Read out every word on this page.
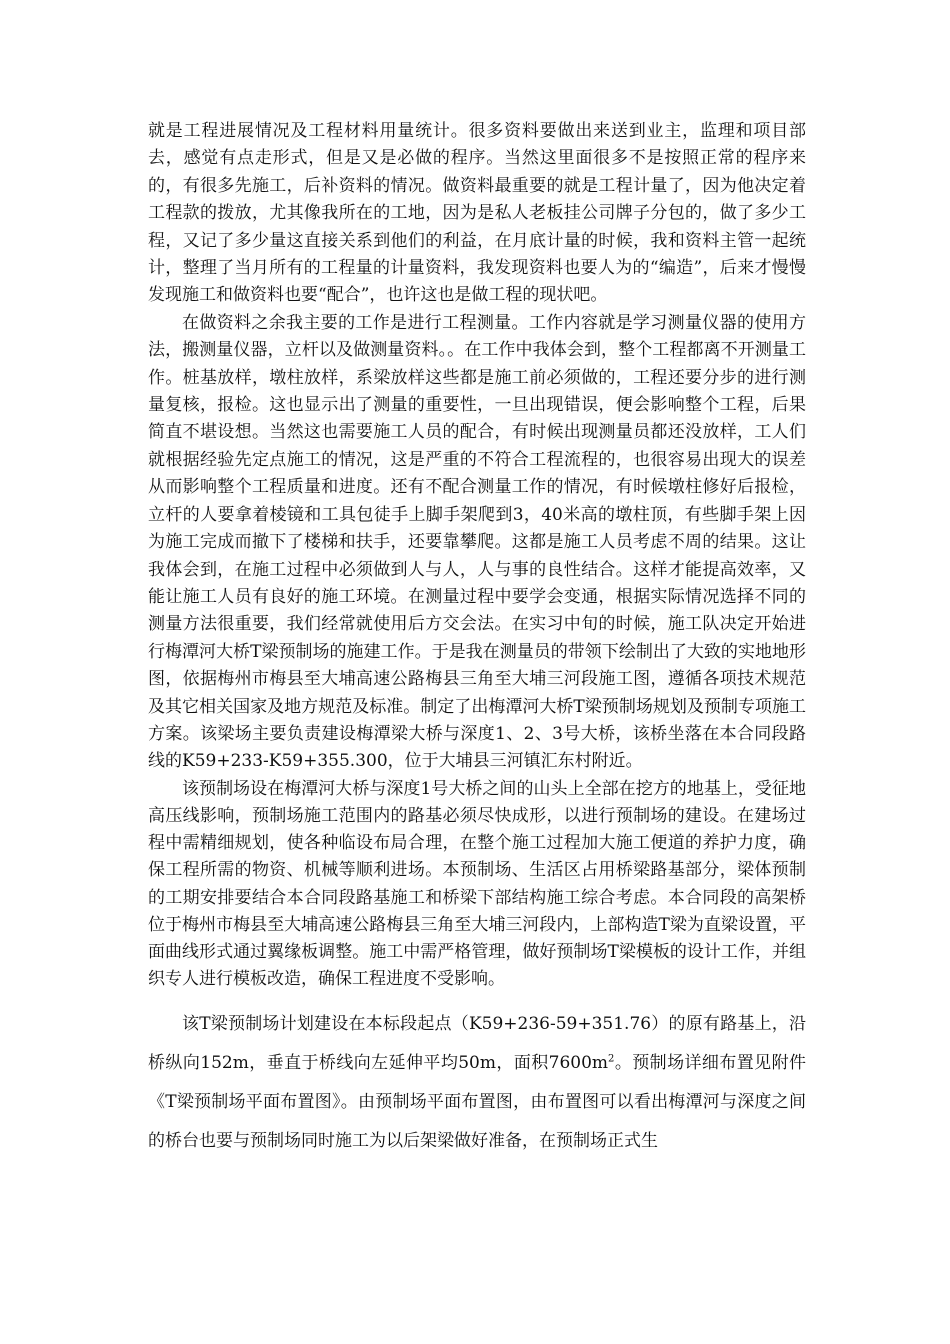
就是工程进展情况及工程材料用量统计。很多资料要做出来送到业主，监理和项目部去，感觉有点走形式，但是又是必做的程序。当然这里面很多不是按照正常的程序来的，有很多先施工，后补资料的情况。做资料最重要的就是工程计量了，因为他决定着工程款的拨放，尤其像我所在的工地，因为是私人老板挂公司牌子分包的，做了多少工程，又记了多少量这直接关系到他们的利益，在月底计量的时候，我和资料主管一起统计，整理了当月所有的工程量的计量资料，我发现资料也要人为的“编造”，后来才慢慢发现施工和做资料也要“配合”，也许这也是做工程的现状吧。

在做资料之余我主要的工作是进行工程测量。工作内容就是学习测量仪器的使用方法，搬测量仪器，立杆以及做测量资料。。在工作中我体会到，整个工程都离不开测量工作。桩基放样，墩柱放样，系梁放样这些都是施工前必须做的，工程还要分步的进行测量复核，报检。这也显示出了测量的重要性，一旦出现错误，便会影响整个工程，后果简直不堪设想。当然这也需要施工人员的配合，有时候出现测量员都还没放样，工人们就根据经验先定点施工的情况，这是严重的不符合工程流程的，也很容易出现大的误差从而影响整个工程质量和进度。还有不配合测量工作的情况，有时候墩柱修好后报检，立杆的人要拿着棱镜和工具包徒手上脚手架爬到3，40米高的墩柱顶，有些脚手架上因为施工完成而撤下了楼梯和扶手，还要靠攀爬。这都是施工人员考虑不周的结果。这让我体会到，在施工过程中必须做到人与人，人与事的良性结合。这样才能提高效率，又能让施工人员有良好的施工环境。在测量过程中要学会变通，根据实际情况选择不同的测量方法很重要，我们经常就使用后方交会法。在实习中旬的时候，施工队决定开始进行梅潭河大桥T梁预制场的施建工作。于是我在测量员的带领下绘制出了大致的实地地形图，依据梅州市梅县至大埔高速公路梅县三角至大埔三河段施工图，遵循各项技术规范及其它相关国家及地方规范及标准。制定了出梅潭河大桥T梁预制场规划及预制专项施工方案。该梁场主要负责建设梅潭梁大桥与深度1、2、3号大桥，该桥坐落在本合同段路线的K59+233-K59+355.300，位于大埔县三河镇汇东村附近。

该预制场设在梅潭河大桥与深度1号大桥之间的山头上全部在挖方的地基上，受征地高压线影响，预制场施工范围内的路基必须尽快成形，以进行预制场的建设。在建场过程中需精细规划，使各种临设布局合理，在整个施工过程加大施工便道的养护力度，确保工程所需的物资、机械等顺利进场。本预制场、生活区占用桥梁路基部分，梁体预制的工期安排要结合本合同段路基施工和桥梁下部结构施工综合考虑。本合同段的高架桥位于梅州市梅县至大埔高速公路梅县三角至大埔三河段内，上部构造T梁为直梁设置，平面曲线形式通过翼缘板调整。施工中需严格管理，做好预制场T梁模板的设计工作，并组织专人进行模板改造，确保工程进度不受影响。

该T梁预制场计划建设在本标段起点（K59+236-59+351.76）的原有路基上，沿桥纵向152m，垂直于桥线向左延伸平均50m，面积$7600m^2$。预制场详细布置见附件《T梁预制场平面布置图》。由预制场平面布置图，由布置图可以看出梅潭河与深度之间的桥台也要与预制场同时施工为以后架梁做好准备，在预制场正式生
